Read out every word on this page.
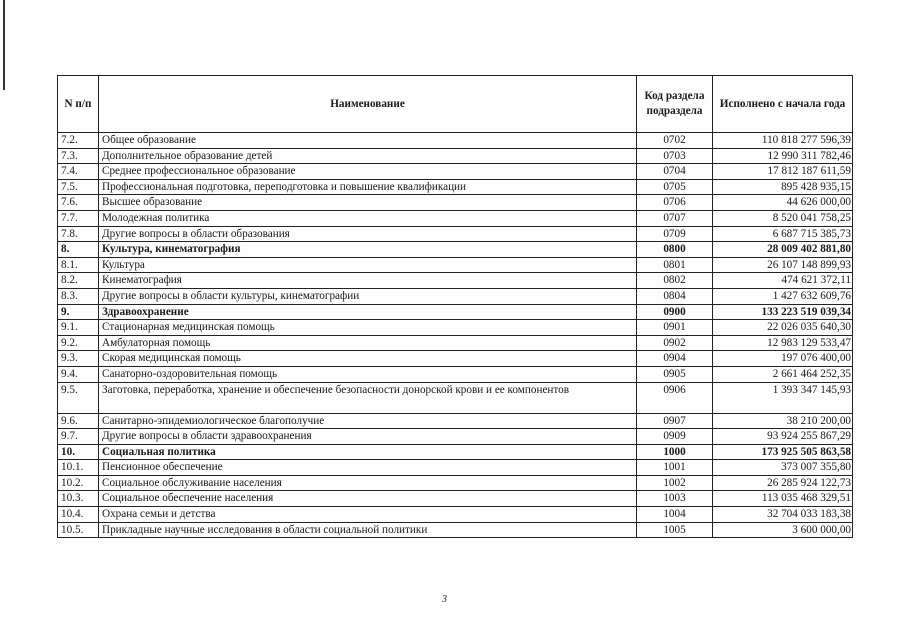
N п/п	Наименование	Код раздела подраздела	Исполнено с начала года
7.2.	Общее образование	0702	110 818 277 596,39
7.3.	Дополнительное образование детей	0703	12 990 311 782,46
7.4.	Среднее профессиональное образование	0704	17 812 187 611,59
7.5.	Профессиональная подготовка, переподготовка и повышение квалификации	0705	895 428 935,15
7.6.	Высшее образование	0706	44 626 000,00
7.7.	Молодежная политика	0707	8 520 041 758,25
7.8.	Другие вопросы в области образования	0709	6 687 715 385,73
8.	Культура, кинематография	0800	28 009 402 881,80
8.1.	Культура	0801	26 107 148 899,93
8.2.	Кинематография	0802	474 621 372,11
8.3.	Другие вопросы в области культуры, кинематографии	0804	1 427 632 609,76
9.	Здравоохранение	0900	133 223 519 039,34
9.1.	Стационарная медицинская помощь	0901	22 026 035 640,30
9.2.	Амбулаторная помощь	0902	12 983 129 533,47
9.3.	Скорая медицинская помощь	0904	197 076 400,00
9.4.	Санаторно-оздоровительная помощь	0905	2 661 464 252,35
9.5.	Заготовка, переработка, хранение и обеспечение безопасности донорской крови и ее компонентов	0906	1 393 347 145,93
9.6.	Санитарно-эпидемиологическое благополучие	0907	38 210 200,00
9.7.	Другие вопросы в области здравоохранения	0909	93 924 255 867,29
10.	Социальная политика	1000	173 925 505 863,58
10.1.	Пенсионное обеспечение	1001	373 007 355,80
10.2.	Социальное обслуживание населения	1002	26 285 924 122,73
10.3.	Социальное обеспечение населения	1003	113 035 468 329,51
10.4.	Охрана семьи и детства	1004	32 704 033 183,38
10.5.	Прикладные научные исследования в области социальной политики	1005	3 600 000,00
3
